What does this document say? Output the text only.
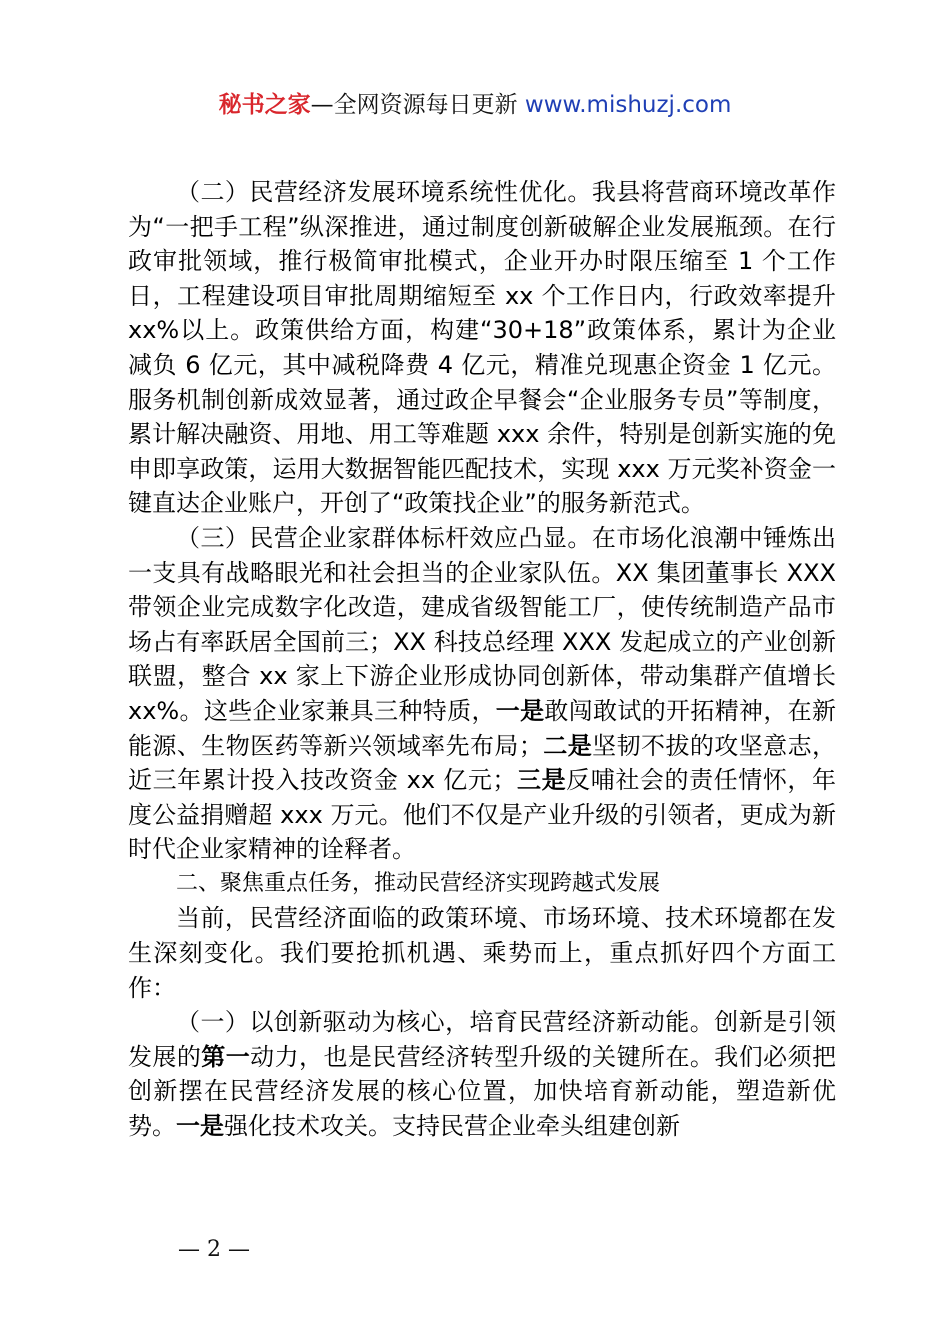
秘书之家—全网资源每日更新 www.mishuzj.com

（二）民营经济发展环境系统性优化。我县将营商环境改革作为“一把手工程”纵深推进，通过制度创新破解企业发展瓶颈。在行政审批领域，推行极简审批模式，企业开办时限压缩至 1 个工作日，工程建设项目审批周期缩短至 xx 个工作日内，行政效率提升 xx%以上。政策供给方面，构建“30+18”政策体系，累计为企业减负 6 亿元，其中减税降费 4 亿元，精准兑现惠企资金 1 亿元。服务机制创新成效显著，通过政企早餐会“企业服务专员”等制度，累计解决融资、用地、用工等难题 xxx 余件，特别是创新实施的免申即享政策，运用大数据智能匹配技术，实现 xxx 万元奖补资金一键直达企业账户，开创了“政策找企业”的服务新范式。

（三）民营企业家群体标杆效应凸显。在市场化浪潮中锤炼出一支具有战略眼光和社会担当的企业家队伍。XX 集团董事长 XXX 带领企业完成数字化改造，建成省级智能工厂，使传统制造产品市场占有率跃居全国前三；XX 科技总经理 XXX 发起成立的产业创新联盟，整合 xx 家上下游企业形成协同创新体，带动集群产值增长 xx%。这些企业家兼具三种特质，一是敢闯敢试的开拓精神，在新能源、生物医药等新兴领域率先布局；二是坚韧不拔的攻坚意志，近三年累计投入技改资金 xx 亿元；三是反哺社会的责任情怀，年度公益捐赠超 xxx 万元。他们不仅是产业升级的引领者，更成为新时代企业家精神的诠释者。

二、聚焦重点任务，推动民营经济实现跨越式发展

当前，民营经济面临的政策环境、市场环境、技术环境都在发生深刻变化。我们要抢抓机遇、乘势而上，重点抓好四个方面工作：

（一）以创新驱动为核心，培育民营经济新动能。创新是引领发展的第一动力，也是民营经济转型升级的关键所在。我们必须把创新摆在民营经济发展的核心位置，加快培育新动能，塑造新优势。一是强化技术攻关。支持民营企业牵头组建创新

— 2 —
